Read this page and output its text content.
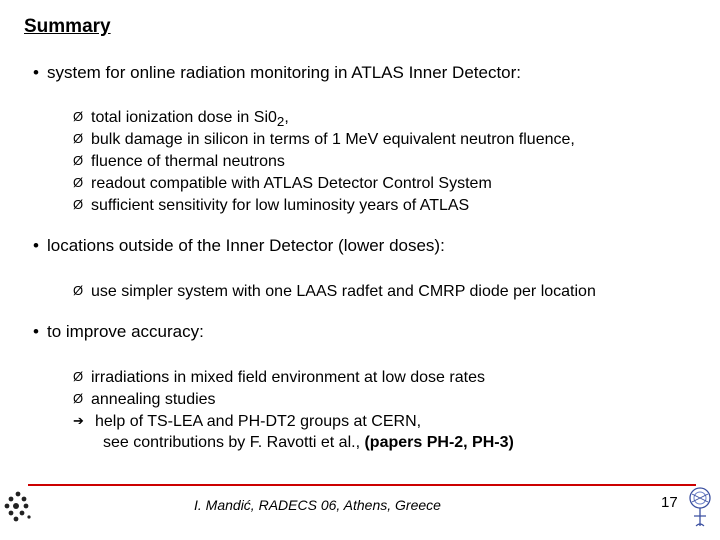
Summary
• system for online radiation monitoring in ATLAS Inner Detector:
Ø total ionization dose in $Si0_2$,
Ø bulk damage in silicon in terms of 1 MeV equivalent neutron fluence,
Ø fluence of thermal neutrons
Ø readout compatible with ATLAS Detector Control System
Ø sufficient sensitivity for low luminosity years of ATLAS
• locations outside of the Inner Detector (lower doses):
Ø use simpler system with one LAAS radfet and CMRP diode per location
• to improve accuracy:
Ø irradiations in mixed field environment at low dose rates
Ø annealing studies
➔ help of TS-LEA and PH-DT2 groups at CERN,
see contributions by F. Ravotti et al., (papers PH-2, PH-3)
I. Mandić, RADECS 06, Athens, Greece	17
